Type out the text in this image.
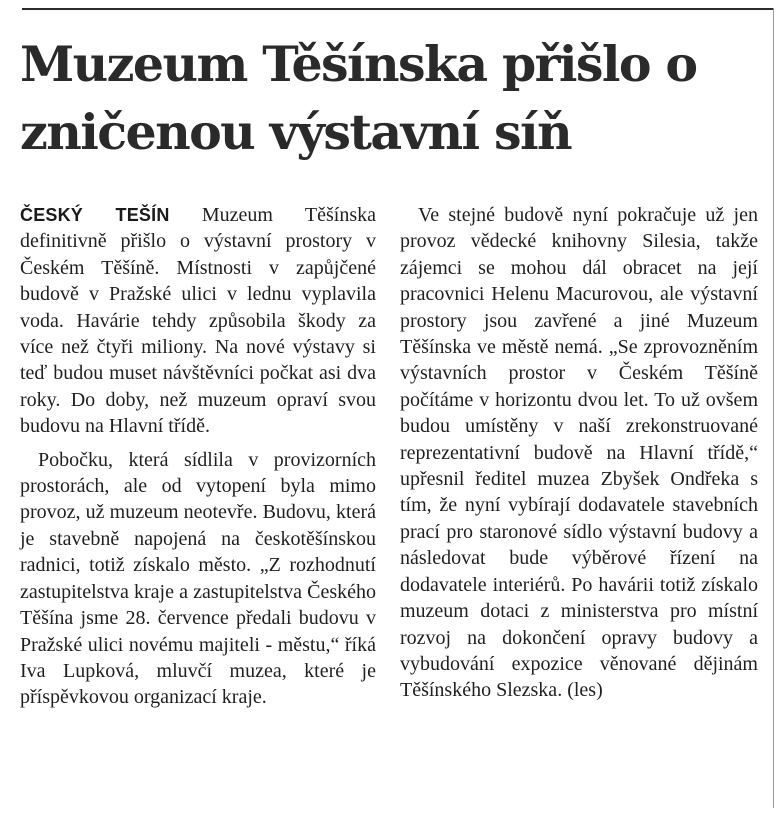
Muzeum Těšínska přišlo o zničenou výstavní síň

ČESKÝ TEŠÍN Muzeum Těšínska definitivně přišlo o výstavní prostory v Českém Těšíně. Místnosti v zapůjčené budově v Pražské ulici v lednu vyplavila voda. Havárie tehdy způsobila škody za více než čtyři miliony. Na nové výstavy si teď budou muset návštěvníci počkat asi dva roky. Do doby, než muzeum opraví svou budovu na Hlavní třídě.

Pobočku, která sídlila v provizorních prostorách, ale od vytopení byla mimo provoz, už muzeum neotevře. Budovu, která je stavebně napojená na českotěšínskou radnici, totiž získalo město. „Z rozhodnutí zastupitelstva kraje a zastupitelstva Českého Těšína jsme 28. července předali budovu v Pražské ulici novému majiteli - městu,“ říká Iva Lupková, mluvčí muzea, které je příspěvkovou organizací kraje.

Ve stejné budově nyní pokračuje už jen provoz vědecké knihovny Silesia, takže zájemci se mohou dál obracet na její pracovnici Helenu Macurovou, ale výstavní prostory jsou zavřené a jiné Muzeum Těšínska ve městě nemá. „Se zprovozněním výstavních prostor v Českém Těšíně počítáme v horizontu dvou let. To už ovšem budou umístěny v naší zrekonstruované reprezentativní budově na Hlavní třídě,“ upřesnil ředitel muzea Zbyšek Ondřeka s tím, že nyní vybírají dodavatele stavebních prací pro staronové sídlo výstavní budovy a následovat bude výběrové řízení na dodavatele interiérů. Po havárii totiž získalo muzeum dotaci z ministerstva pro místní rozvoj na dokončení opravy budovy a vybudování expozice věnované dějinám Těšínského Slezska. (les)
